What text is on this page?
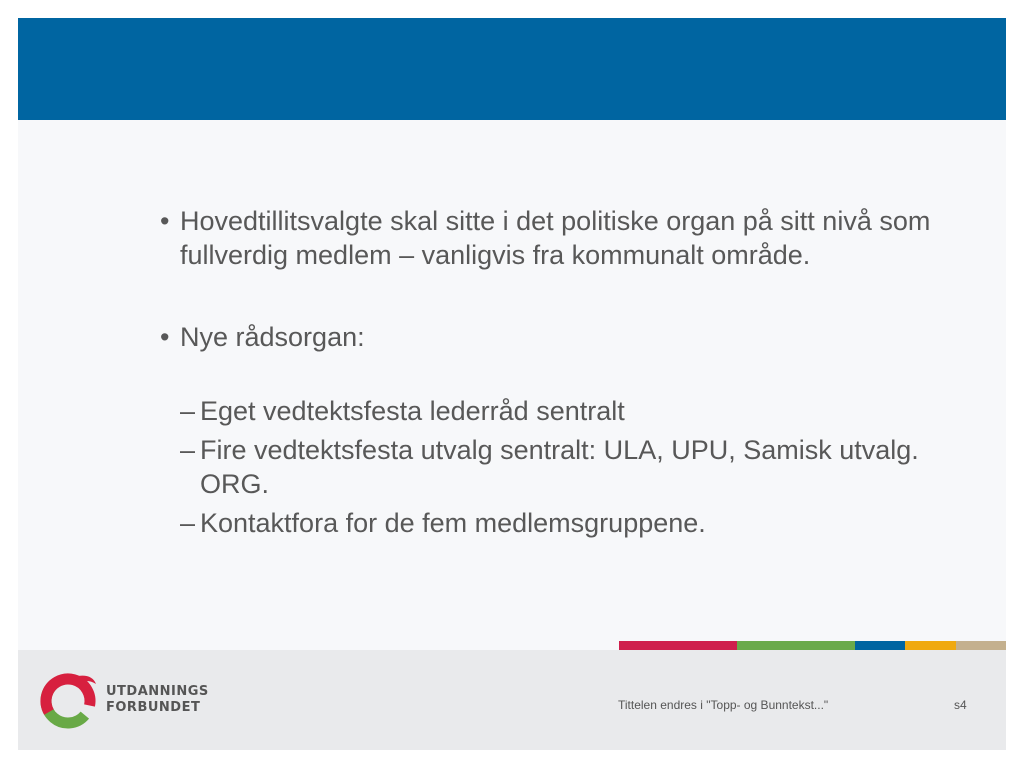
• Hovedtillitsvalgte skal sitte i det politiske organ på sitt nivå som fullverdig medlem – vanligvis fra kommunalt område.
• Nye rådsorgan:
– Eget vedtektsfesta lederråd sentralt
– Fire vedtektsfesta utvalg sentralt: ULA, UPU, Samisk utvalg. ORG.
– Kontaktfora for de fem medlemsgruppene.
UTDANNINGS
FORBUNDET	Tittelen endres i "Topp- og Bunntekst..."	s4
